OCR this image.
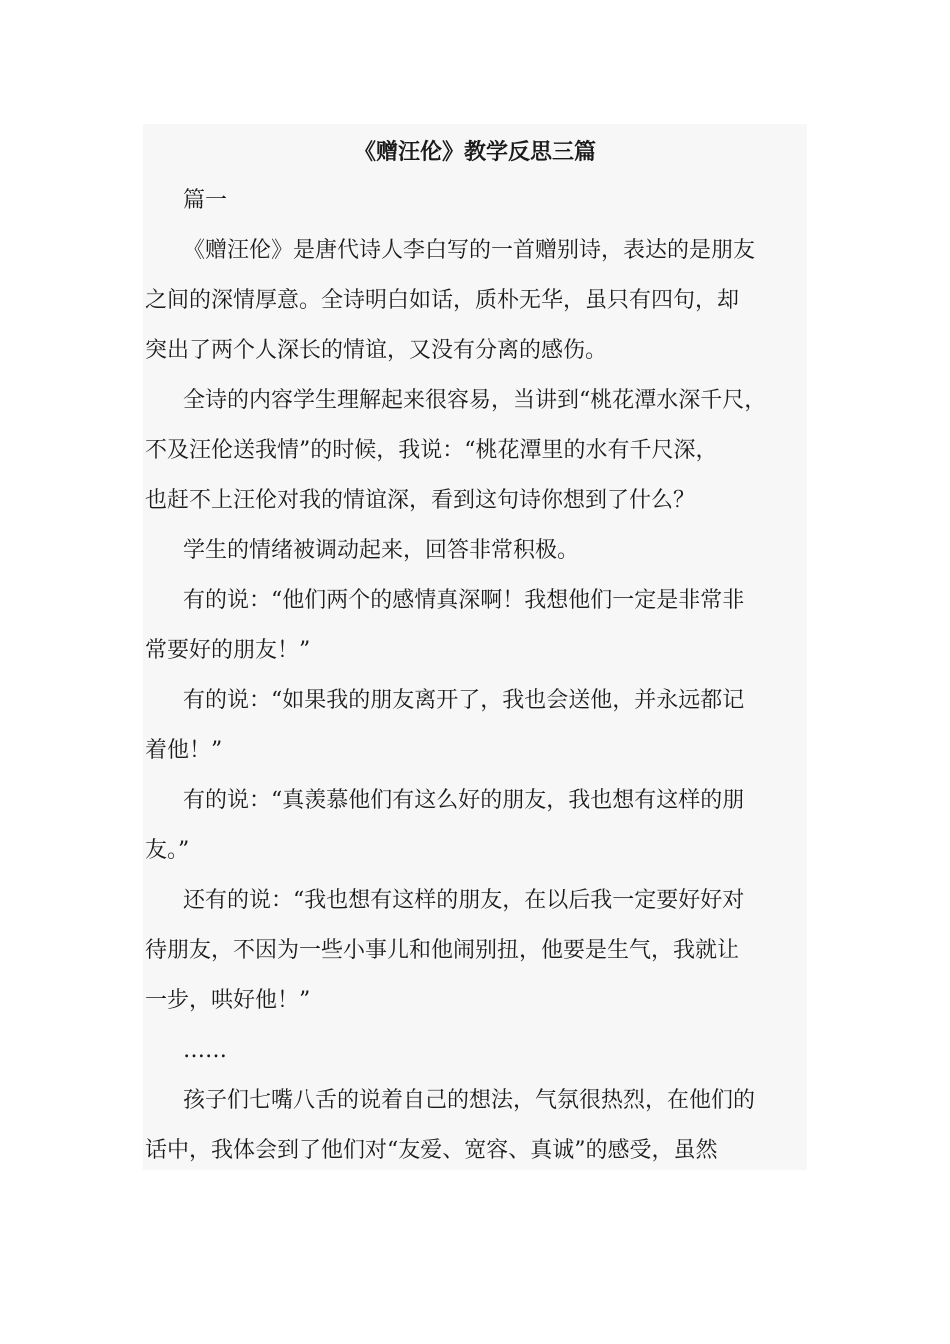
《赠汪伦》教学反思三篇
篇一
《赠汪伦》是唐代诗人李白写的一首赠别诗，表达的是朋友
之间的深情厚意。全诗明白如话，质朴无华，虽只有四句，却
突出了两个人深长的情谊，又没有分离的感伤。
全诗的内容学生理解起来很容易，当讲到“桃花潭水深千尺，
不及汪伦送我情”的时候，我说：“桃花潭里的水有千尺深，
也赶不上汪伦对我的情谊深，看到这句诗你想到了什么？
学生的情绪被调动起来，回答非常积极。
有的说：“他们两个的感情真深啊！我想他们一定是非常非
常要好的朋友！”
有的说：“如果我的朋友离开了，我也会送他，并永远都记
着他！”
有的说：“真羡慕他们有这么好的朋友，我也想有这样的朋
友。”
还有的说：“我也想有这样的朋友，在以后我一定要好好对
待朋友，不因为一些小事儿和他闹别扭，他要是生气，我就让
一步，哄好他！”
……
孩子们七嘴八舌的说着自己的想法，气氛很热烈，在他们的
话中，我体会到了他们对“友爱、宽容、真诚”的感受，虽然
